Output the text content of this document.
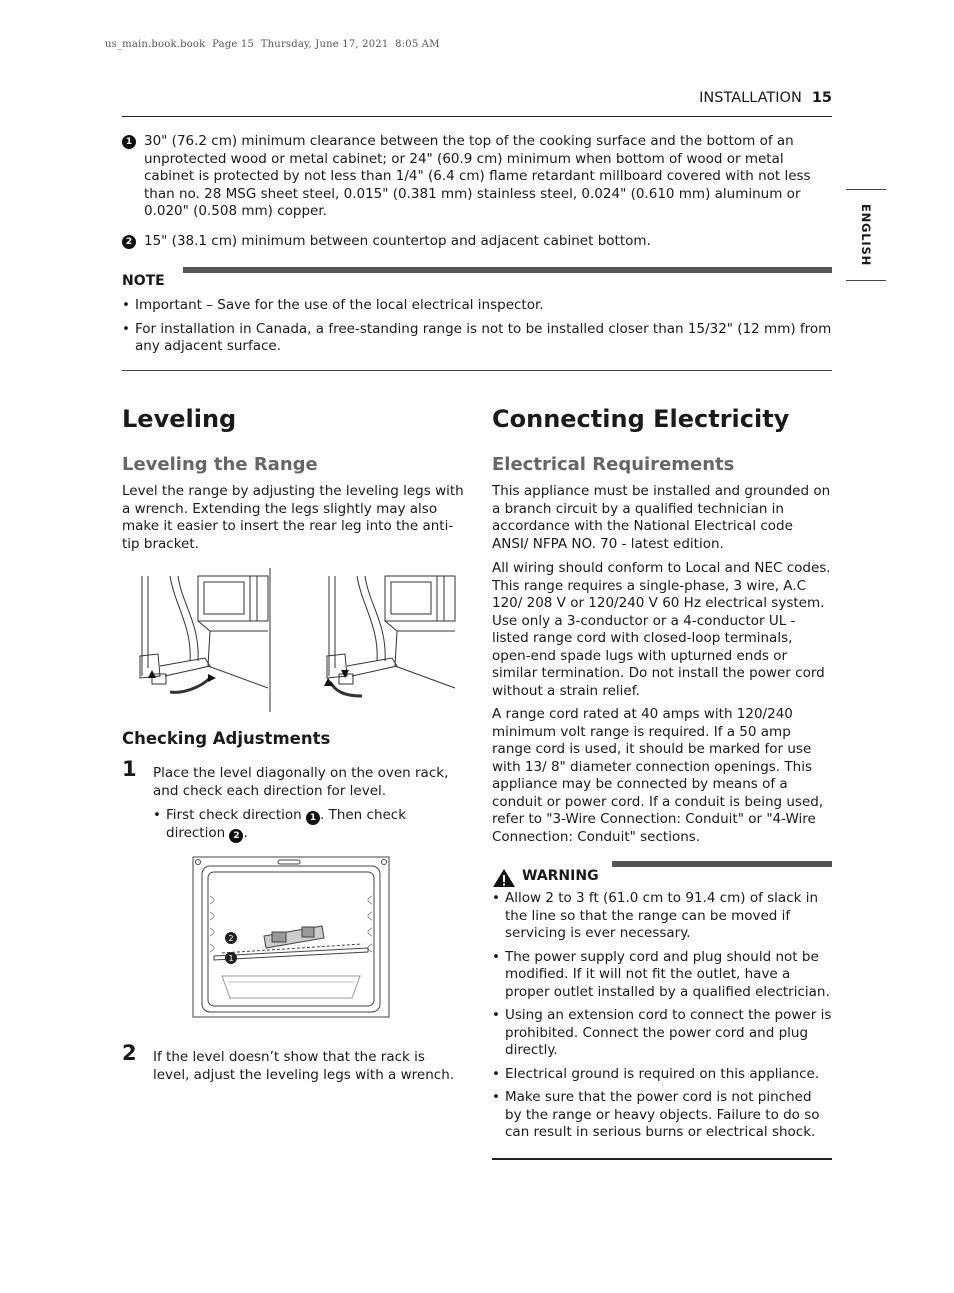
us_main.book.book  Page 15  Thursday, June 17, 2021  8:05 AM
INSTALLATION 15
ENGLISH
1 30" (76.2 cm) minimum clearance between the top of the cooking surface and the bottom of an unprotected wood or metal cabinet; or 24" (60.9 cm) minimum when bottom of wood or metal cabinet is protected by not less than 1/4" (6.4 cm) flame retardant millboard covered with not less than no. 28 MSG sheet steel, 0.015" (0.381 mm) stainless steel, 0.024" (0.610 mm) aluminum or 0.020" (0.508 mm) copper.
2 15" (38.1 cm) minimum between countertop and adjacent cabinet bottom.
NOTE
• Important – Save for the use of the local electrical inspector.
• For installation in Canada, a free-standing range is not to be installed closer than 15/32" (12 mm) from any adjacent surface.
Leveling
Leveling the Range
Level the range by adjusting the leveling legs with a wrench. Extending the legs slightly may also make it easier to insert the rear leg into the anti-tip bracket.
Checking Adjustments
1 Place the level diagonally on the oven rack, and check each direction for level.
• First check direction 1 . Then check direction 2 .
2
1
2 If the level doesn’t show that the rack is level, adjust the leveling legs with a wrench.
Connecting Electricity
Electrical Requirements
This appliance must be installed and grounded on a branch circuit by a qualified technician in accordance with the National Electrical code ANSI/ NFPA NO. 70 - latest edition.
All wiring should conform to Local and NEC codes. This range requires a single-phase, 3 wire, A.C 120/ 208 V or 120/240 V 60 Hz electrical system. Use only a 3-conductor or a 4-conductor UL - listed range cord with closed-loop terminals, open-end spade lugs with upturned ends or similar termination. Do not install the power cord without a strain relief.
A range cord rated at 40 amps with 120/240 minimum volt range is required. If a 50 amp range cord is used, it should be marked for use with 13/ 8" diameter connection openings. This appliance may be connected by means of a conduit or power cord. If a conduit is being used, refer to "3-Wire Connection: Conduit" or "4-Wire Connection: Conduit" sections.
WARNING
• Allow 2 to 3 ft (61.0 cm to 91.4 cm) of slack in the line so that the range can be moved if servicing is ever necessary.
• The power supply cord and plug should not be modified. If it will not fit the outlet, have a proper outlet installed by a qualified electrician.
• Using an extension cord to connect the power is prohibited. Connect the power cord and plug directly.
• Electrical ground is required on this appliance.
• Make sure that the power cord is not pinched by the range or heavy objects. Failure to do so can result in serious burns or electrical shock.
